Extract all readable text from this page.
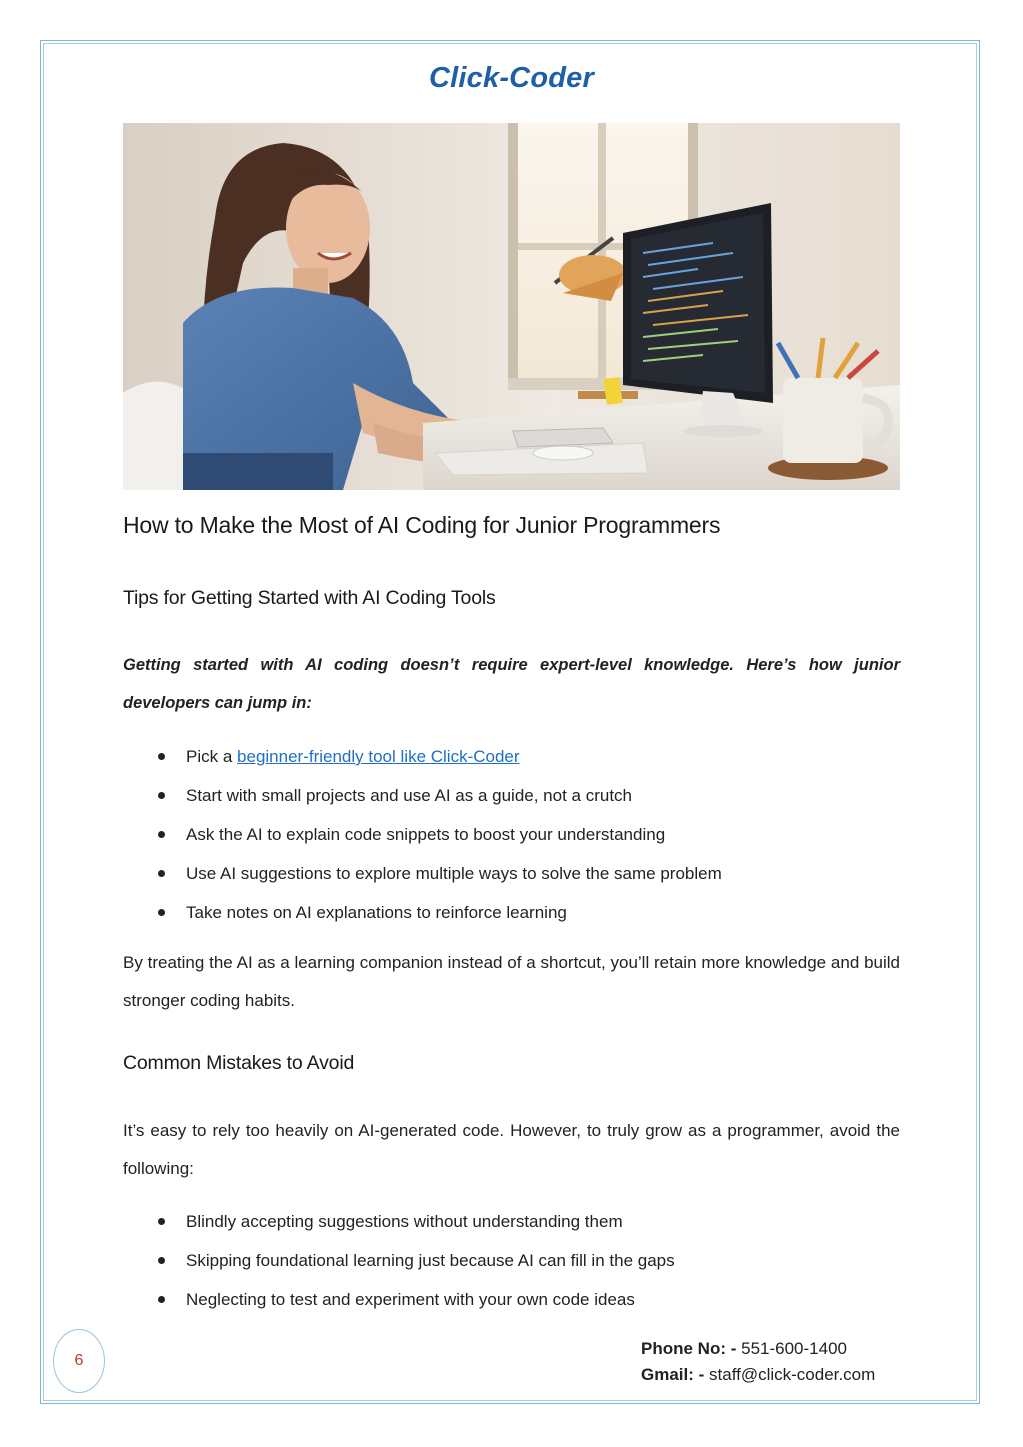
Click-Coder
How to Make the Most of AI Coding for Junior Programmers
Tips for Getting Started with AI Coding Tools
Getting started with AI coding doesn’t require expert-level knowledge. Here’s how junior developers can jump in:
Pick a beginner-friendly tool like Click-Coder
Start with small projects and use AI as a guide, not a crutch
Ask the AI to explain code snippets to boost your understanding
Use AI suggestions to explore multiple ways to solve the same problem
Take notes on AI explanations to reinforce learning
By treating the AI as a learning companion instead of a shortcut, you’ll retain more knowledge and build stronger coding habits.
Common Mistakes to Avoid
It’s easy to rely too heavily on AI-generated code. However, to truly grow as a programmer, avoid the following:
Blindly accepting suggestions without understanding them
Skipping foundational learning just because AI can fill in the gaps
Neglecting to test and experiment with your own code ideas
6
Phone No: - 551-600-1400
Gmail: - staff@click-coder.com
